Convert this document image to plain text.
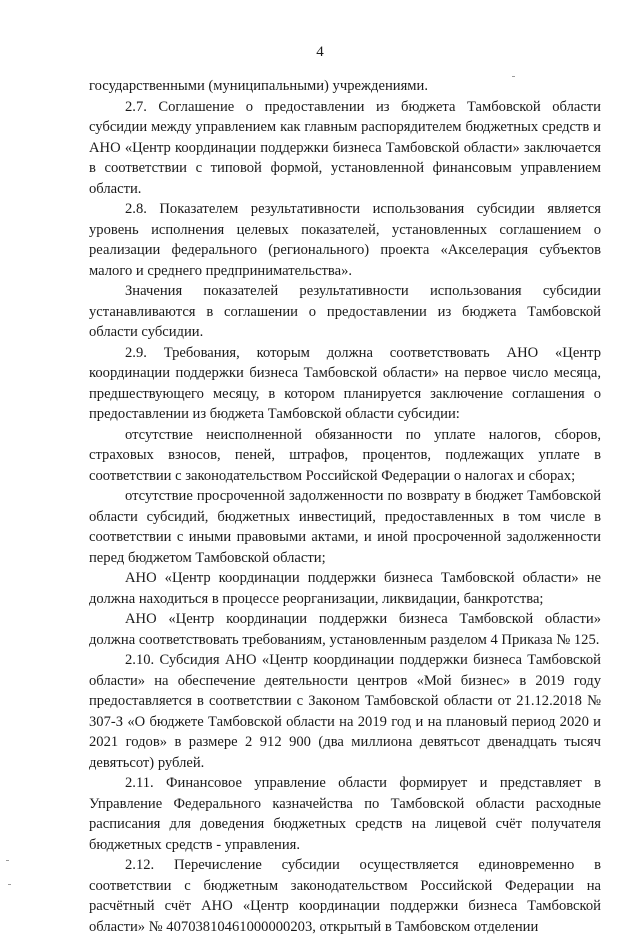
4

государственными (муниципальными) учреждениями.

2.7. Соглашение о предоставлении из бюджета Тамбовской области субсидии между управлением как главным распорядителем бюджетных средств и АНО «Центр координации поддержки бизнеса Тамбовской области» заключается в соответствии с типовой формой, установленной финансовым управлением области.

2.8. Показателем результативности использования субсидии является уровень исполнения целевых показателей, установленных соглашением о реализации федерального (регионального) проекта «Акселерация субъектов малого и среднего предпринимательства».

Значения показателей результативности использования субсидии устанавливаются в соглашении о предоставлении из бюджета Тамбовской области субсидии.

2.9. Требования, которым должна соответствовать АНО «Центр координации поддержки бизнеса Тамбовской области» на первое число месяца, предшествующего месяцу, в котором планируется заключение соглашения о предоставлении из бюджета Тамбовской области субсидии:

отсутствие неисполненной обязанности по уплате налогов, сборов, страховых взносов, пеней, штрафов, процентов, подлежащих уплате в соответствии с законодательством Российской Федерации о налогах и сборах;

отсутствие просроченной задолженности по возврату в бюджет Тамбовской области субсидий, бюджетных инвестиций, предоставленных в том числе в соответствии с иными правовыми актами, и иной просроченной задолженности перед бюджетом Тамбовской области;

АНО «Центр координации поддержки бизнеса Тамбовской области» не должна находиться в процессе реорганизации, ликвидации, банкротства;

АНО «Центр координации поддержки бизнеса Тамбовской области» должна соответствовать требованиям, установленным разделом 4 Приказа № 125.

2.10. Субсидия АНО «Центр координации поддержки бизнеса Тамбовской области» на обеспечение деятельности центров «Мой бизнес» в 2019 году предоставляется в соответствии с Законом Тамбовской области от 21.12.2018 № 307-З «О бюджете Тамбовской области на 2019 год и на плановый период 2020 и 2021 годов» в размере 2 912 900 (два миллиона девятьсот двенадцать тысяч девятьсот) рублей.

2.11. Финансовое управление области формирует и представляет в Управление Федерального казначейства по Тамбовской области расходные расписания для доведения бюджетных средств на лицевой счёт получателя бюджетных средств - управления.

2.12. Перечисление субсидии осуществляется единовременно в соответствии с бюджетным законодательством Российской Федерации на расчётный счёт АНО «Центр координации поддержки бизнеса Тамбовской области» № 40703810461000000203, открытый в Тамбовском отделении
